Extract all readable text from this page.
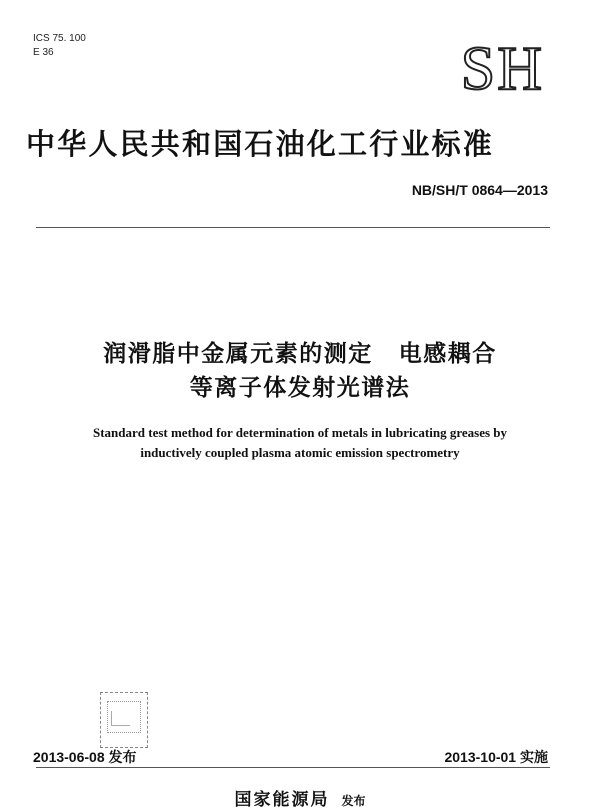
ICS 75. 100
E 36	SH
中华人民共和国石油化工行业标准
NB/SH/T 0864—2013
润滑脂中金属元素的测定 电感耦合
等离子体发射光谱法
Standard test method for determination of metals in lubricating greases by
inductively coupled plasma atomic emission spectrometry
2013-06-08 发布	2013-10-01 实施
国家能源局 发布
